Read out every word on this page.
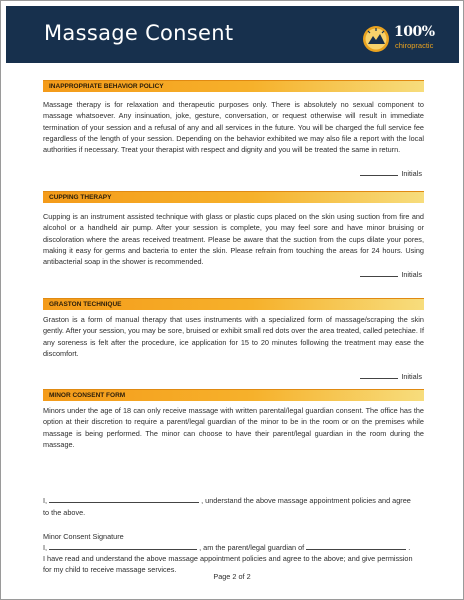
Massage Consent	100%
chiropractic
INAPPROPRIATE BEHAVIOR POLICY
Massage therapy is for relaxation and therapeutic purposes only. There is absolutely no sexual component to massage whatsoever. Any insinuation, joke, gesture, conversation, or request otherwise will result in immediate termination of your session and a refusal of any and all services in the future. You will be charged the full service fee regardless of the length of your session. Depending on the behavior exhibited we may also file a report with the local authorities if necessary. Treat your therapist with respect and dignity and you will be treated the same in return.
Initials
CUPPING THERAPY
Cupping is an instrument assisted technique with glass or plastic cups placed on the skin using suction from fire and alcohol or a handheld air pump. After your session is complete, you may feel sore and have minor bruising or discoloration where the areas received treatment. Please be aware that the suction from the cups dilate your pores, making it easy for germs and bacteria to enter the skin. Please refrain from touching the areas for 24 hours. Using antibacterial soap in the shower is recommended.
Initials
GRASTON TECHNIQUE
Graston is a form of manual therapy that uses instruments with a specialized form of massage/scraping the skin gently. After your session, you may be sore, bruised or exhibit small red dots over the area treated, called petechiae. If any soreness is felt after the procedure, ice application for 15 to 20 minutes following the treatment may ease the discomfort.
Initials
MINOR CONSENT FORM
Minors under the age of 18 can only receive massage with written parental/legal guardian consent. The office has the option at their discretion to require a parent/legal guardian of the minor to be in the room or on the premises while massage is being performed. The minor can choose to have their parent/legal guardian in the room during the massage.
I,	, understand the above massage appointment policies and agree
to the above.
Minor Consent Signature
I,	, am the parent/legal guardian of	.
I have read and understand the above massage appointment policies and agree to the above; and give permission
for my child to receive massage services.
Page 2 of 2
